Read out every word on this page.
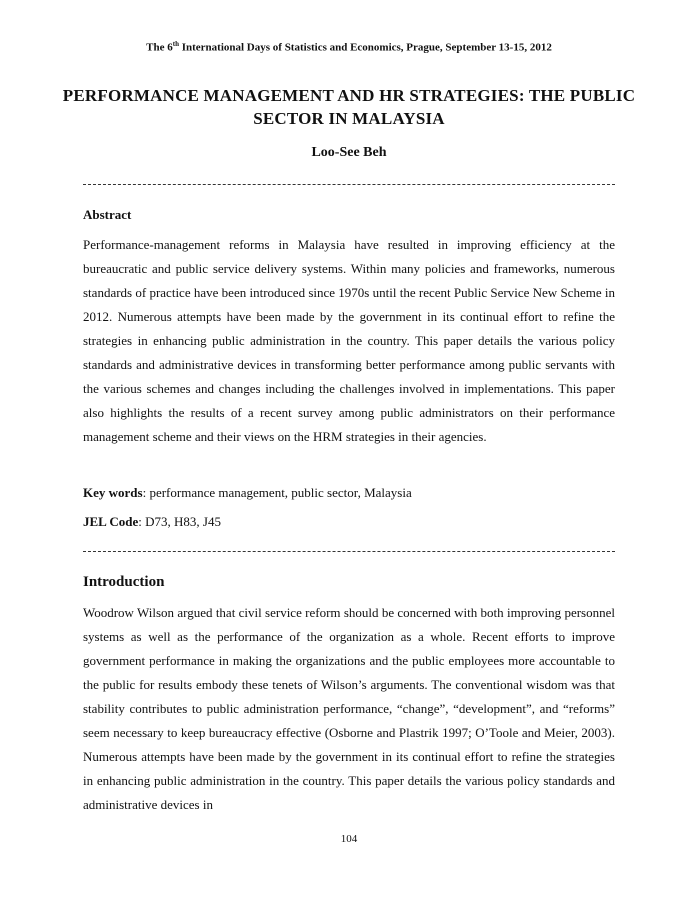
The 6th International Days of Statistics and Economics, Prague, September 13-15, 2012
PERFORMANCE MANAGEMENT AND HR STRATEGIES: THE PUBLIC SECTOR IN MALAYSIA
Loo-See Beh
Abstract
Performance-management reforms in Malaysia have resulted in improving efficiency at the bureaucratic and public service delivery systems. Within many policies and frameworks, numerous standards of practice have been introduced since 1970s until the recent Public Service New Scheme in 2012. Numerous attempts have been made by the government in its continual effort to refine the strategies in enhancing public administration in the country. This paper details the various policy standards and administrative devices in transforming better performance among public servants with the various schemes and changes including the challenges involved in implementations. This paper also highlights the results of a recent survey among public administrators on their performance management scheme and their views on the HRM strategies in their agencies.
Key words: performance management, public sector, Malaysia
JEL Code: D73, H83, J45
Introduction
Woodrow Wilson argued that civil service reform should be concerned with both improving personnel systems as well as the performance of the organization as a whole. Recent efforts to improve government performance in making the organizations and the public employees more accountable to the public for results embody these tenets of Wilson’s arguments. The conventional wisdom was that stability contributes to public administration performance, “change”, “development”, and “reforms” seem necessary to keep bureaucracy effective (Osborne and Plastrik 1997; O’Toole and Meier, 2003). Numerous attempts have been made by the government in its continual effort to refine the strategies in enhancing public administration in the country. This paper details the various policy standards and administrative devices in
104
